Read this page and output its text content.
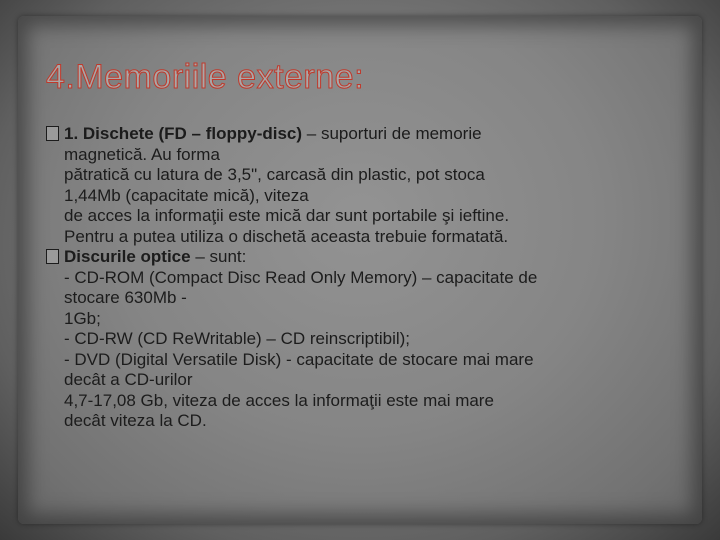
4.Memoriile externe:
1. Dischete (FD – floppy-disc) – suporturi de memorie
magnetică. Au forma
pătratică cu latura de 3,5", carcasă din plastic, pot stoca
1,44Mb (capacitate mică), viteza
de acces la informaţii este mică dar sunt portabile şi ieftine.
Pentru a putea utiliza o dischetă aceasta trebuie formatată.
Discurile optice – sunt:
- CD-ROM (Compact Disc Read Only Memory) – capacitate de
stocare 630Mb -
1Gb;
- CD-RW (CD ReWritable) – CD reinscriptibil);
- DVD (Digital Versatile Disk) - capacitate de stocare mai mare
decât a CD-urilor
4,7-17,08 Gb, viteza de acces la informaţii este mai mare
decât viteza la CD.
